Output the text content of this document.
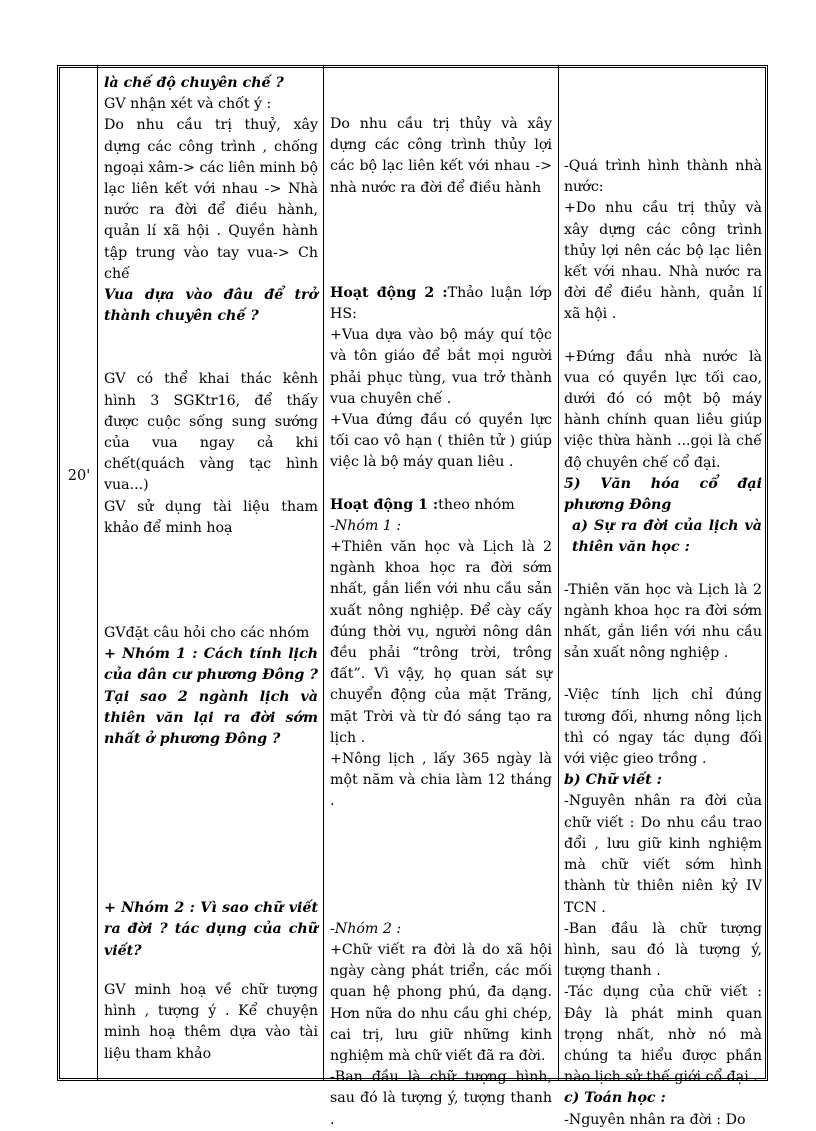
20'
là chế độ chuyên chế ?
GV nhận xét và chốt ý :
Do nhu cầu trị thuỷ, xây dựng các công trình , chống ngoại xâm-> các liên minh bộ lạc liên kết với nhau -> Nhà nước ra đời để điều hành, quản lí xã hội . Quyền hành tập trung vào tay vua-> Ch chế
Vua dựa vào đâu để trở thành chuyên chế ?
GV có thể khai thác kênh hình 3 SGKtr16, để thấy được cuộc sống sung sướng của vua ngay cả khi chết(quách vàng tạc hình vua...)
GV sử dụng tài liệu tham khảo để minh hoạ
GVđặt câu hỏi cho các nhóm
+ Nhóm 1 : Cách tính lịch của dân cư phương Đông ? Tại sao 2 ngành lịch và thiên văn lại ra đời sớm nhất ở phương Đông ?
+ Nhóm 2 : Vì sao chữ viết ra đời ? tác dụng của chữ viết?
GV minh hoạ về chữ tượng hình , tượng ý . Kể chuyện minh hoạ thêm dựa vào tài liệu tham khảo
Do nhu cầu trị thủy và xây dựng các công trình thủy lợi các bộ lạc liên kết với nhau -> nhà nước ra đời để điều hành
Hoạt động 2 :Thảo luận lớp HS:
+Vua dựa vào bộ máy quí tộc và tôn giáo để bắt mọi người phải phục tùng, vua trở thành vua chuyên chế .
+Vua đứng đầu có quyền lực tối cao vô hạn ( thiên tử ) giúp việc là bộ máy quan liêu .
Hoạt động 1 :theo nhóm
-Nhóm 1 :
+Thiên văn học và Lịch là 2 ngành khoa học ra đời sớm nhất, gắn liền với nhu cầu sản xuất nông nghiệp. Để cày cấy đúng thời vụ, người nông dân đều phải “trông trời, trông đất”. Vì vậy, họ quan sát sự chuyển động của mặt Trăng, mặt Trời và từ đó sáng tạo ra lịch .
+Nông lịch , lấy 365 ngày là một năm và chia làm 12 tháng .
-Nhóm 2 :
+Chữ viết ra đời là do xã hội ngày càng phát triển, các mối quan hệ phong phú, đa dạng. Hơn nữa do nhu cầu ghi chép, cai trị, lưu giữ những kinh nghiệm mà chữ viết đã ra đời.
-Ban đầu là chữ tượng hình, sau đó là tượng ý, tượng thanh .
-Quá trình hình thành nhà nước:
+Do nhu cầu trị thủy và xây dựng các công trình thủy lợi nên các bộ lạc liên kết với nhau. Nhà nước ra đời để điều hành, quản lí xã hội .
+Đứng đầu nhà nước là vua có quyền lực tối cao, dưới đó có một bộ máy hành chính quan liêu giúp việc thừa hành ...gọi là chế độ chuyên chế cổ đại.
5) Văn hóa cổ đại phương Đông
a) Sự ra đời của lịch và thiên văn học :
-Thiên văn học và Lịch là 2 ngành khoa học ra đời sớm nhất, gắn liền với nhu cầu sản xuất nông nghiệp .
-Việc tính lịch chỉ đúng tương đối, nhưng nông lịch thì có ngay tác dụng đối với việc gieo trồng .
b) Chữ viết :
-Nguyên nhân ra đời của chữ viết : Do nhu cầu trao đổi , lưu giữ kinh nghiệm mà chữ viết sớm hình thành từ thiên niên kỷ IV TCN .
-Ban đầu là chữ tượng hình, sau đó là tượng ý, tượng thanh .
-Tác dụng của chữ viết : Đây là phát minh quan trọng nhất, nhờ nó mà chúng ta hiểu được phần nào lịch sử thế giới cổ đại .
c) Toán học :
-Nguyên nhân ra đời : Do
